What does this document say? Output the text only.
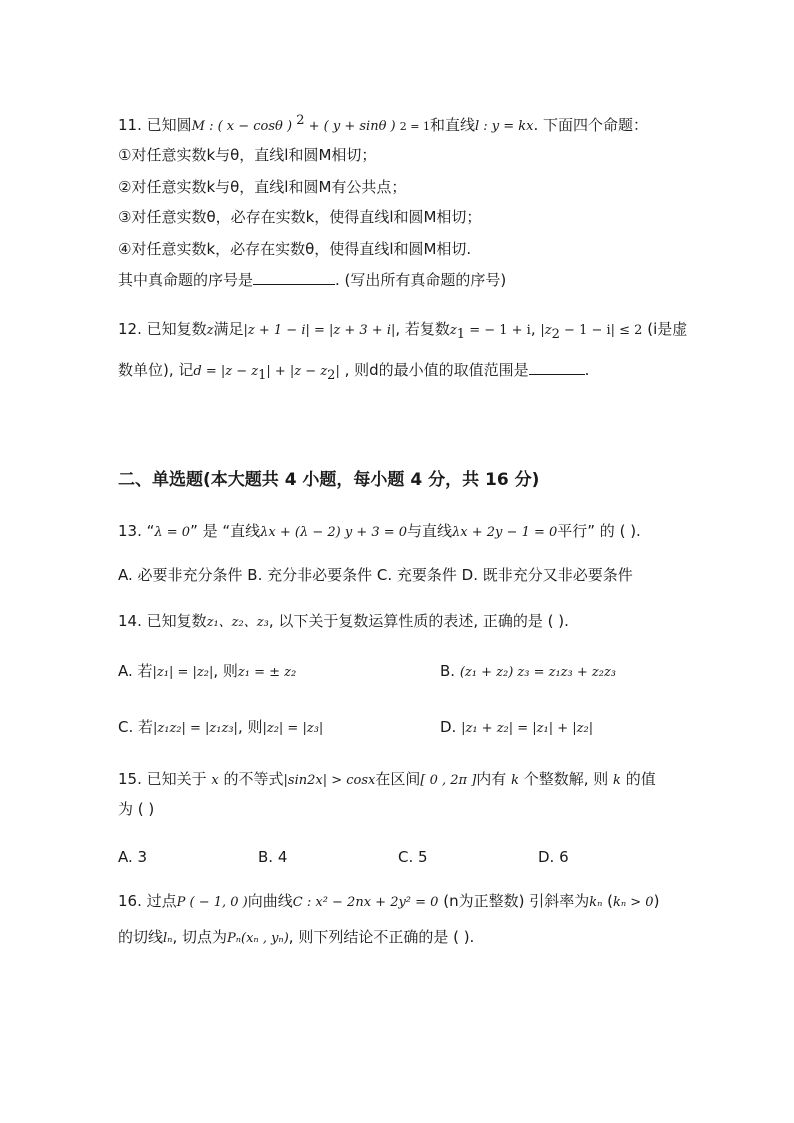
11. 已知圆M : ( x − cosθ ) $^2$ + ( y + sinθ ) 2 = 1和直线l : y = kx. 下面四个命题：
①对任意实数k与θ，直线l和圆M相切；
②对任意实数k与θ，直线l和圆M有公共点；
③对任意实数θ，必存在实数k，使得直线l和圆M相切；
④对任意实数k，必存在实数θ，使得直线l和圆M相切.
其中真命题的序号是	. (写出所有真命题的序号)
12. 已知复数z满足|z + 1 − i| = |z + 3 + i|, 若复数$z_1$ = − 1 + i, $|z_2 - 1 - i| \le 2$ (i是虚
数单位), 记$d = |z - z_1| + |z - z_2|$ , 则d的最小值的取值范围是	.
二、单选题(本大题共 4 小题，每小题 4 分，共 16 分)
13. “λ = 0” 是 “直线λx + (λ − 2) y + 3 = 0与直线λx + 2y − 1 = 0平行” 的 ( ).
A. 必要非充分条件 B. 充分非必要条件 C. 充要条件 D. 既非充分又非必要条件
14. 已知复数z₁、z₂、z₃, 以下关于复数运算性质的表述, 正确的是 ( ).
A. 若|z₁| = |z₂|, 则z₁ = ± z₂	B. (z₁ + z₂) z₃ = z₁z₃ + z₂z₃
C. 若|z₁z₂| = |z₁z₃|, 则|z₂| = |z₃|	D. |z₁ + z₂| = |z₁| + |z₂|
15. 已知关于 x 的不等式|sin2x| > cosx在区间[ 0 , 2π ]内有 k 个整数解, 则 k 的值
为 ( )
A. 3	B. 4	C. 5	D. 6
16. 过点P ( − 1, 0 )向曲线C : x² − 2nx + 2y² = 0 (n为正整数) 引斜率为kₙ (kₙ > 0)
的切线lₙ, 切点为Pₙ(xₙ , yₙ), 则下列结论不正确的是 ( ).
